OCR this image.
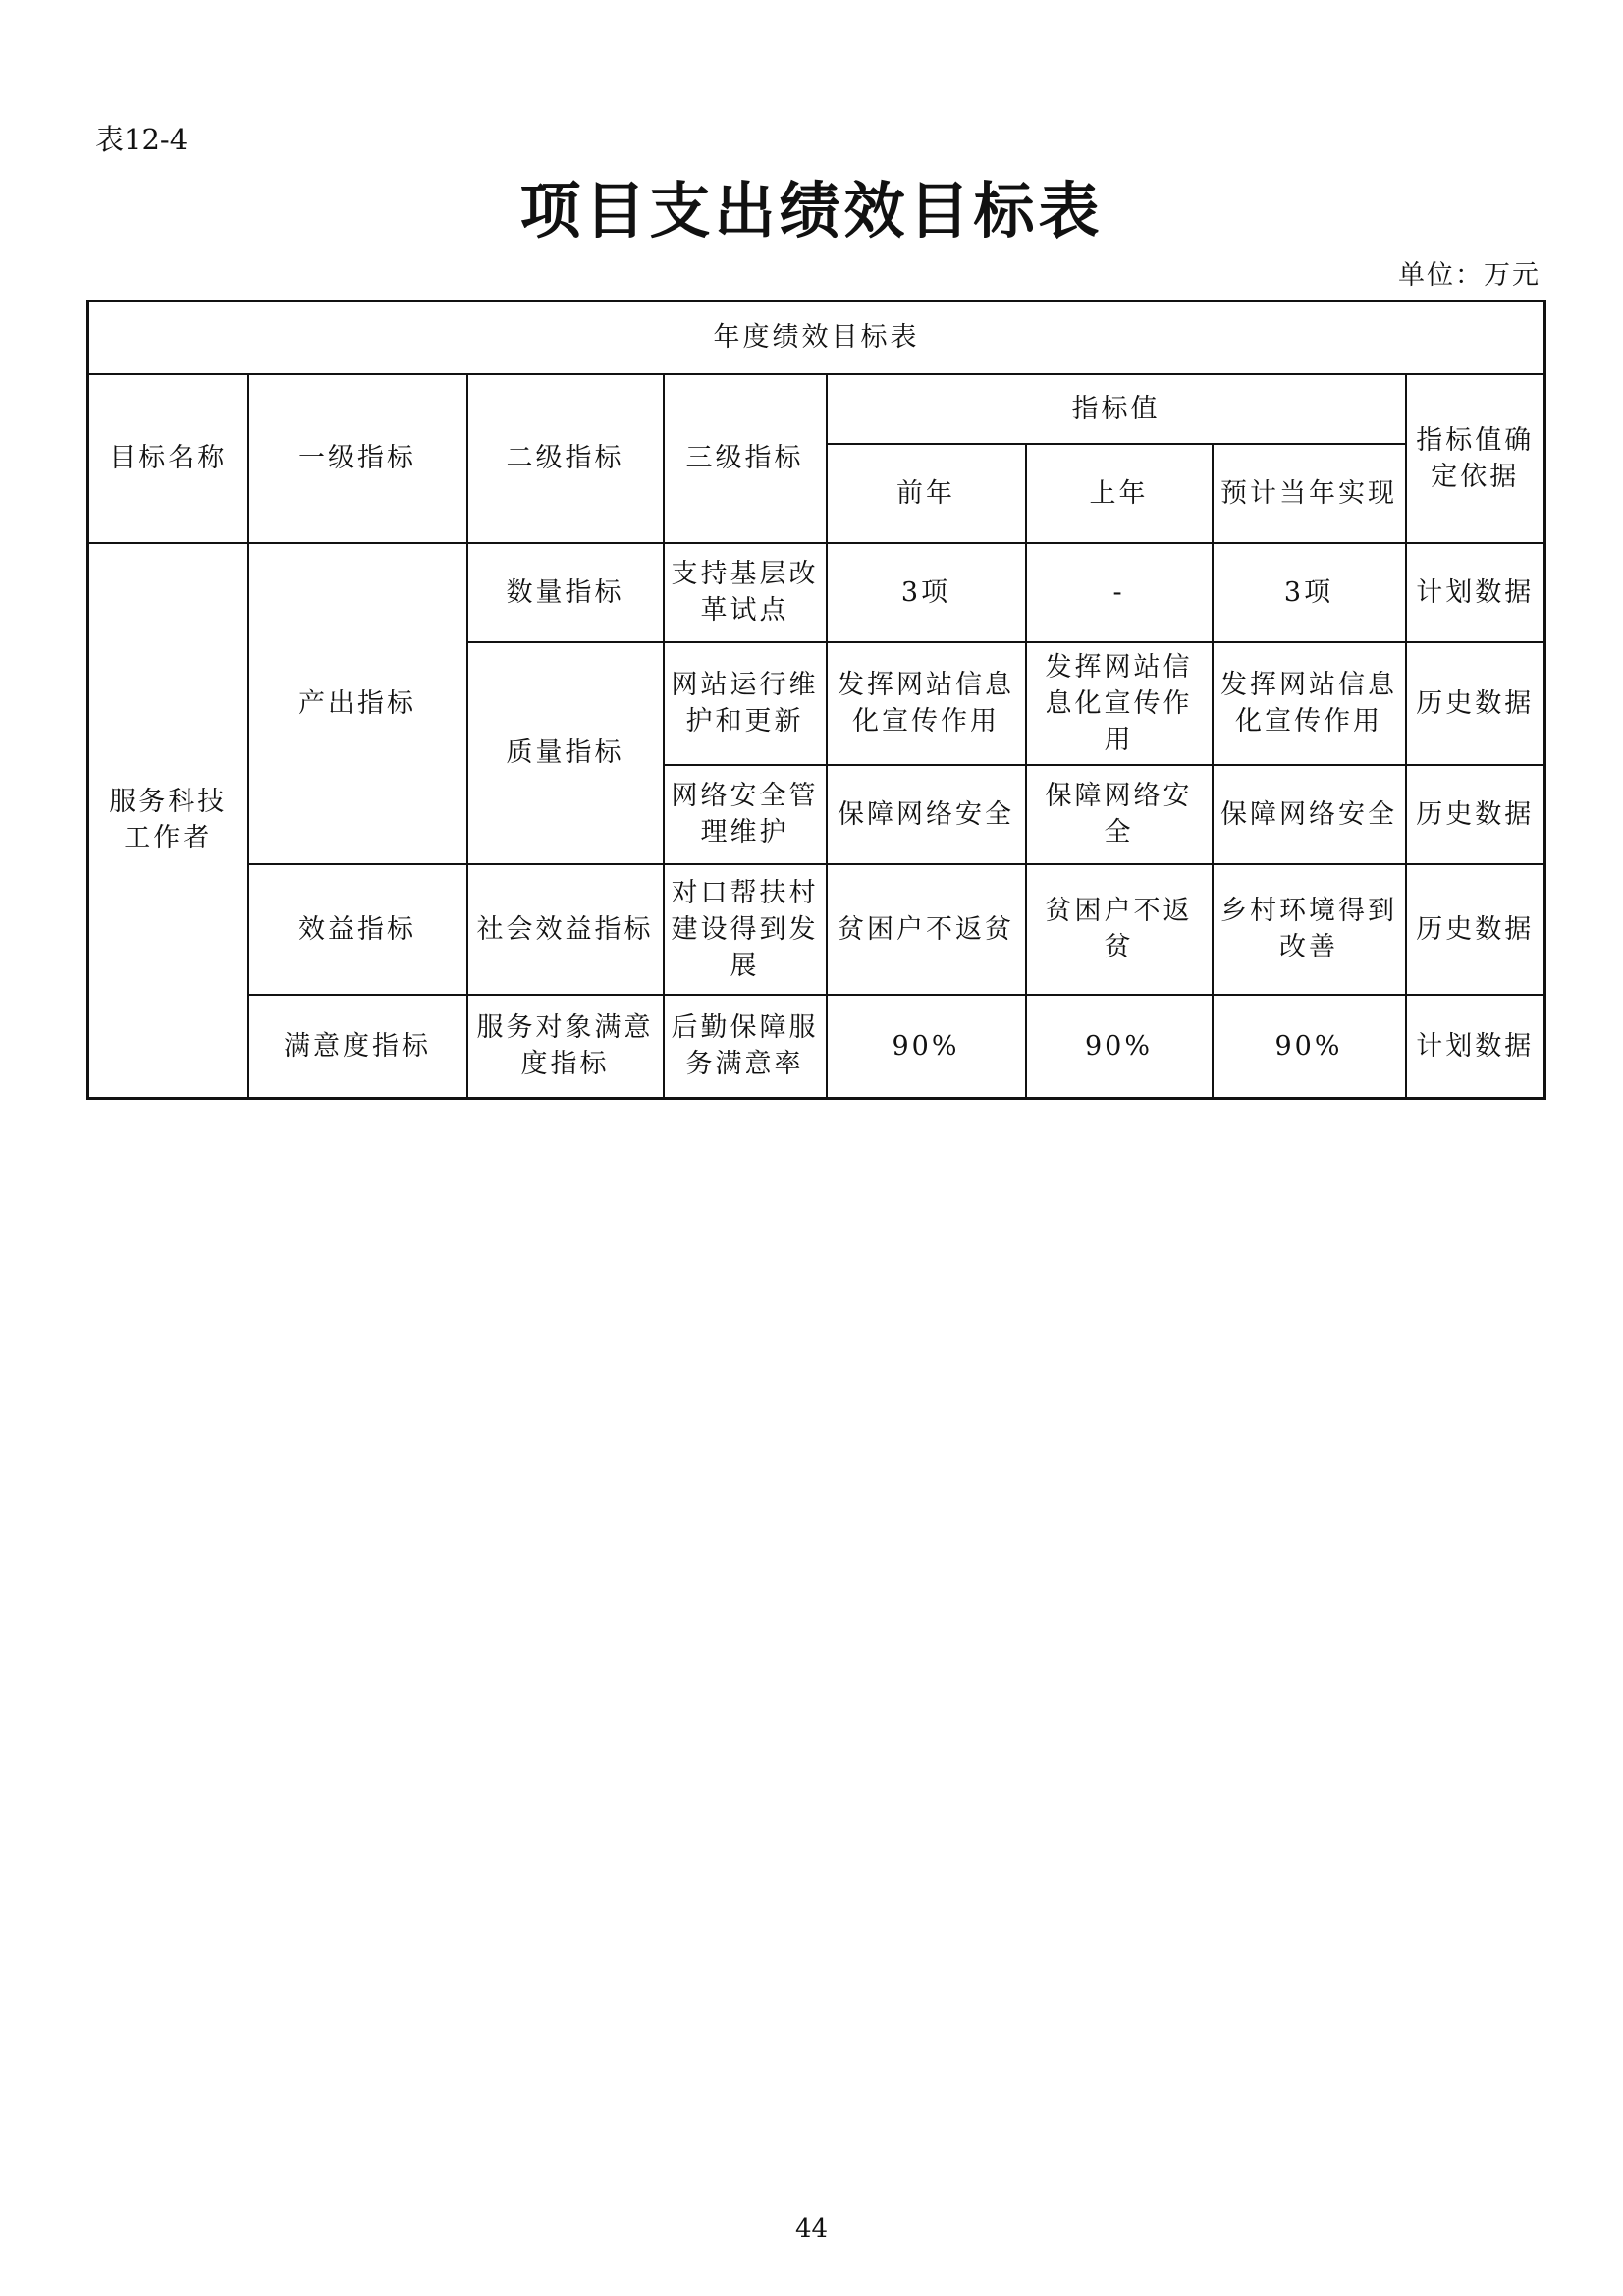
表12-4
项目支出绩效目标表
单位：万元
年度绩效目标表							
目标名称	一级指标	二级指标	三级指标	指标值			指标值确定依据
				前年	上年	预计当年实现	
服务科技工作者	产出指标	数量指标	支持基层改革试点	3项	-	3项	计划数据
		质量指标	网站运行维护和更新	发挥网站信息化宣传作用	发挥网站信息化宣传作用	发挥网站信息化宣传作用	历史数据
			网络安全管理维护	保障网络安全	保障网络安全	保障网络安全	历史数据
	效益指标	社会效益指标	对口帮扶村建设得到发展	贫困户不返贫	贫困户不返贫	乡村环境得到改善	历史数据
	满意度指标	服务对象满意度指标	后勤保障服务满意率	90%	90%	90%	计划数据
44
